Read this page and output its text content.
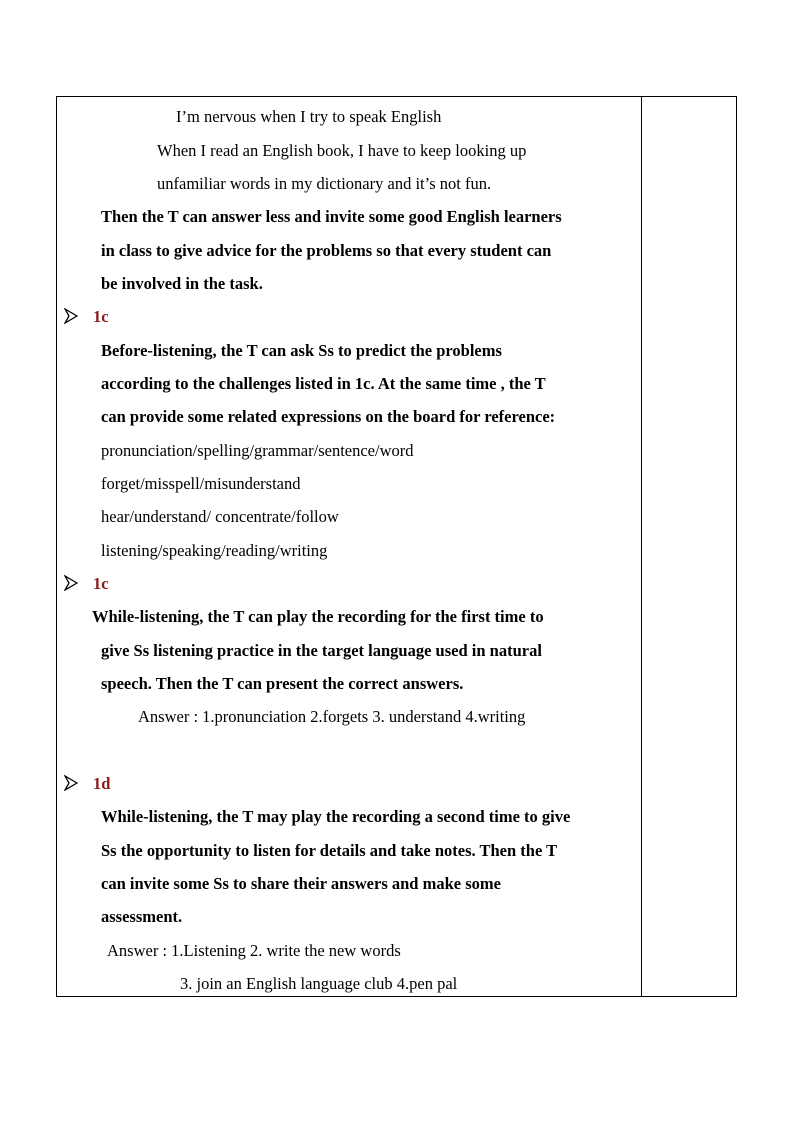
I’m nervous when I try to speak English
When I read an English book, I have to keep looking up
unfamiliar words in my dictionary and it’s not fun.
Then the T can answer less and invite some good English learners
in class to give advice for the problems so that every student can
be involved in the task.
1c
Before-listening, the T can ask Ss to predict the problems
according to the challenges listed in 1c. At the same time , the T
can provide some related expressions on the board for reference:
pronunciation/spelling/grammar/sentence/word
forget/misspell/misunderstand
hear/understand/ concentrate/follow
listening/speaking/reading/writing
1c
While-listening, the T can play the recording for the first time to
give Ss listening practice in the target language used in natural
speech. Then the T can present the correct answers.
Answer : 1.pronunciation 2.forgets 3. understand 4.writing
1d
While-listening, the T may play the recording a second time to give
Ss the opportunity to listen for details and take notes. Then the T
can invite some Ss to share their answers and make some
assessment.
Answer : 1.Listening 2. write the new words
3. join an English language club 4.pen pal
